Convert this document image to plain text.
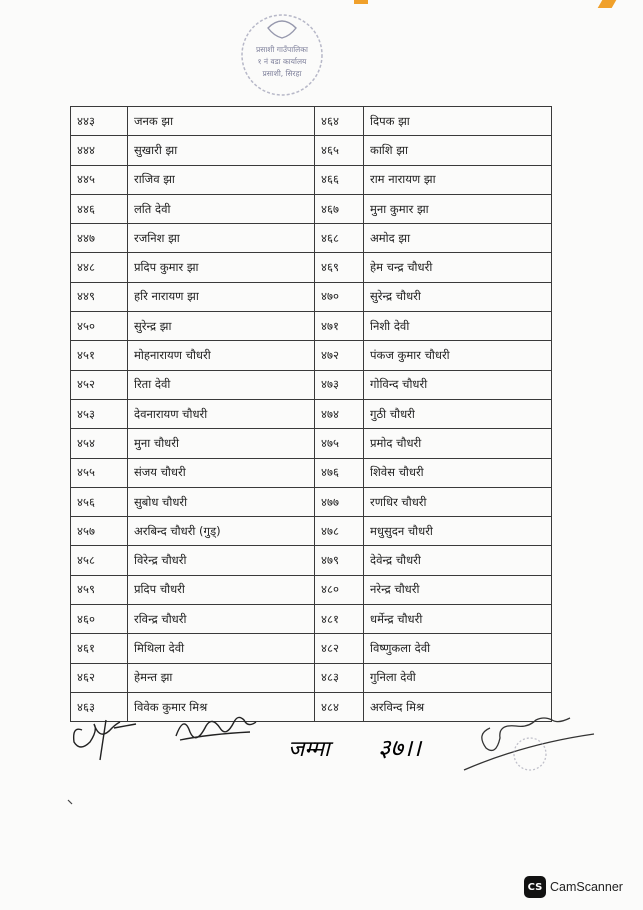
प्रसाशी गाउँपालिका
१ नं वडा कार्यालय
प्रसाशी, सिरहा
४४३	जनक झा	४६४	दिपक झा
४४४	सुखारी झा	४६५	काशि झा
४४५	राजिव झा	४६६	राम नारायण झा
४४६	लति देवी	४६७	मुना कुमार झा
४४७	रजनिश झा	४६८	अमोद झा
४४८	प्रदिप कुमार झा	४६९	हेम चन्द्र चौधरी
४४९	हरि नारायण झा	४७०	सुरेन्द्र चौधरी
४५०	सुरेन्द्र झा	४७१	निशी देवी
४५१	मोहनारायण चौधरी	४७२	पंकज कुमार चौधरी
४५२	रिता देवी	४७३	गोविन्द चौधरी
४५३	देवनारायण चौधरी	४७४	गुठी चौधरी
४५४	मुना चौधरी	४७५	प्रमोद चौधरी
४५५	संजय चौधरी	४७६	शिवेस चौधरी
४५६	सुबोध चौधरी	४७७	रणधिर चौधरी
४५७	अरबिन्द चौधरी (गुड्)	४७८	मधुसुदन चौधरी
४५८	विरेन्द्र चौधरी	४७९	देवेन्द्र चौधरी
४५९	प्रदिप चौधरी	४८०	नरेन्द्र चौधरी
४६०	रविन्द्र चौधरी	४८१	धर्मेन्द्र चौधरी
४६१	मिथिला देवी	४८२	विष्णुकला देवी
४६२	हेमन्त झा	४८३	गुनिला देवी
४६३	विवेक कुमार मिश्र	४८४	अरविन्द मिश्र
जम्मा ३७।।
CS CamScanner
